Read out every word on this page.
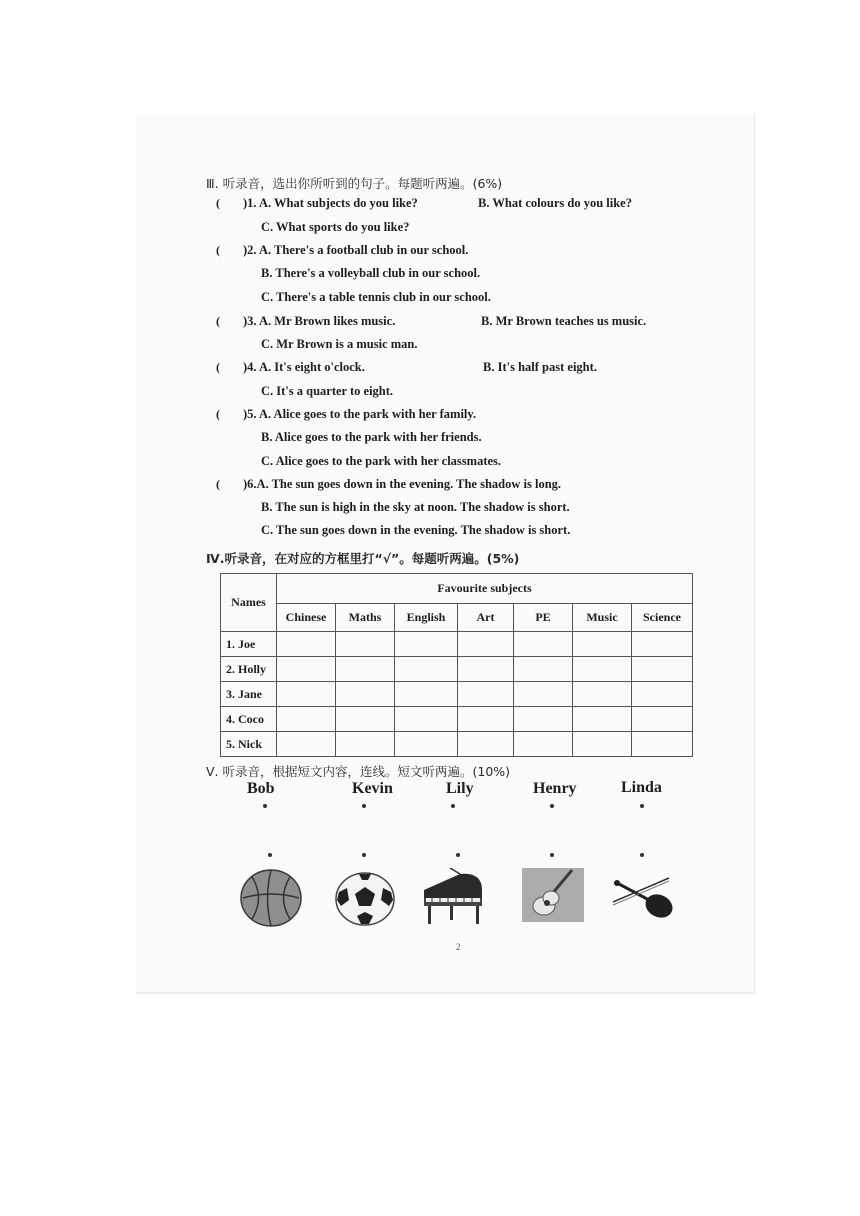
Ⅲ. 听录音，选出你所听到的句子。每题听两遍。(6%)
( )1. A. What subjects do you like?	B. What colours do you like?
C. What sports do you like?
( )2. A. There's a football club in our school.
B. There's a volleyball club in our school.
C. There's a table tennis club in our school.
( )3. A. Mr Brown likes music.	B. Mr Brown teaches us music.
C. Mr Brown is a music man.
( )4. A. It's eight o'clock.	B. It's half past eight.
C. It's a quarter to eight.
( )5. A. Alice goes to the park with her family.
B. Alice goes to the park with her friends.
C. Alice goes to the park with her classmates.
( )6.A. The sun goes down in the evening. The shadow is long.
B. The sun is high in the sky at noon. The shadow is short.
C. The sun goes down in the evening. The shadow is short.
Ⅳ.听录音，在对应的方框里打“√”。每题听两遍。(5%)
Names	Favourite subjects						
	Chinese	Maths	English	Art	PE	Music	Science
1. Joe							
2. Holly							
3. Jane							
4. Coco							
5. Nick							
Ⅴ. 听录音，根据短文内容，连线。短文听两遍。(10%)
Bob	Kevin	Lily	Henry	Linda
2
